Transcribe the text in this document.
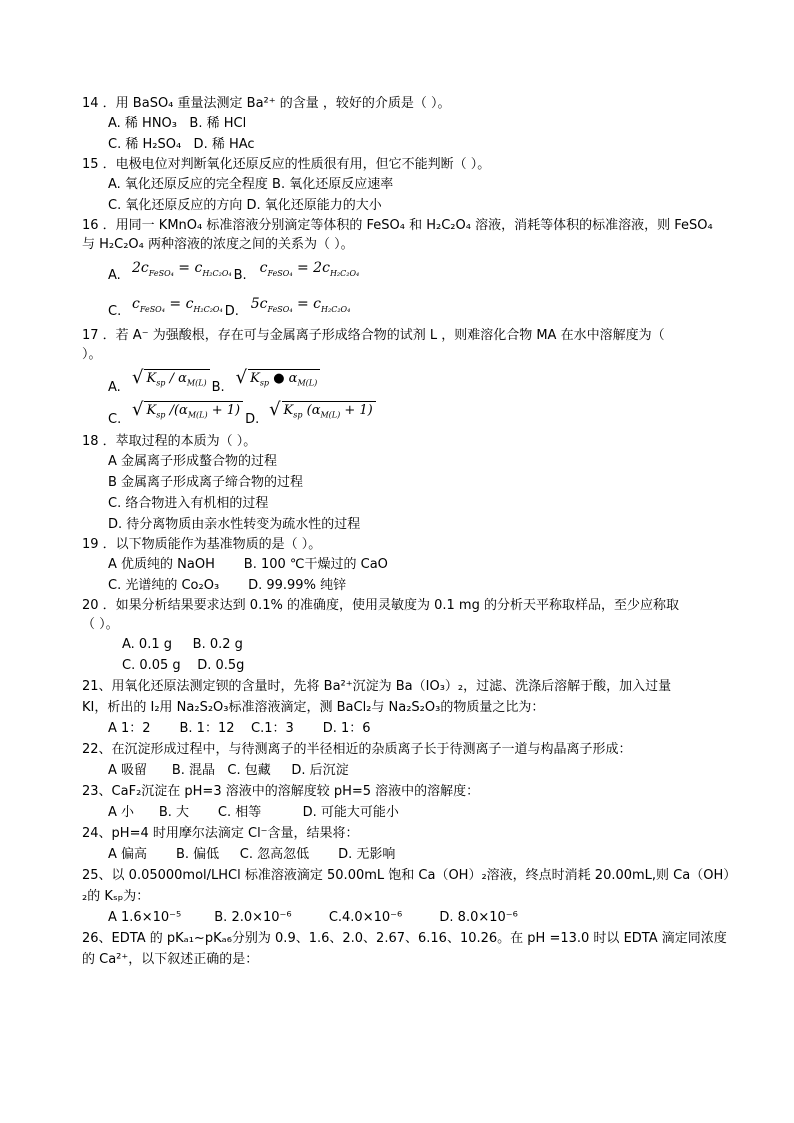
14 ．用 BaSO₄ 重量法测定 Ba²⁺ 的含量 ，较好的介质是（ ）。

A. 稀 HNO₃   B. 稀 HCl
C. 稀 H₂SO₄   D. 稀 HAc

15 ．电极电位对判断氧化还原反应的性质很有用，但它不能判断（ ）。

A. 氧化还原反应的完全程度 B. 氧化还原反应速率
C. 氧化还原反应的方向 D. 氧化还原能力的大小

16 ．用同一 KMnO₄ 标准溶液分别滴定等体积的 FeSO₄ 和 H₂C₂O₄ 溶液，消耗等体积的标准溶液，则 FeSO₄

与 H₂C₂O₄ 两种溶液的浓度之间的关系为（ ）。

A. $2c_{FeSO_4} = c_{H_2C_2O_4}$ B. $c_{FeSO_4} = 2c_{H_2C_2O_4}$
C. $c_{FeSO_4} = c_{H_2C_2O_4}$ D. $5c_{FeSO_4} = c_{H_2C_2O_4}$

17 ．若 A⁻ 为强酸根，存在可与金属离子形成络合物的试剂 L ，则难溶化合物 MA 在水中溶解度为（

）。

A. √ $K_{sp} / \alpha_{M(L)}$ B. √ $K_{sp}$ ● $\alpha_{M(L)}$
C. √ $K_{sp}$ $/(\alpha_{M(L)} + 1)$
D. √ $K_{sp}$ $(\alpha_{M(L)} + 1)$

18 ．萃取过程的本质为（ ）。

A 金属离子形成螯合物的过程
B 金属离子形成离子缔合物的过程
C. 络合物进入有机相的过程
D. 待分离物质由亲水性转变为疏水性的过程

19 ．以下物质能作为基准物质的是（ ）。

A 优质纯的 NaOH       B. 100 ℃干燥过的 CaO
C. 光谱纯的 Co₂O₃       D. 99.99% 纯锌

20 ．如果分析结果要求达到 0.1% 的准确度，使用灵敏度为 0.1 mg 的分析天平称取样品，至少应称取

（ ）。

A. 0.1 g     B. 0.2 g
C. 0.05 g    D. 0.5g

21、用氧化还原法测定钡的含量时，先将 Ba²⁺沉淀为 Ba（IO₃）₂，过滤、洗涤后溶解于酸，加入过量

KI，析出的 I₂用 Na₂S₂O₃标准溶液滴定，测 BaCl₂与 Na₂S₂O₃的物质量之比为：

A 1：2       B. 1：12    C.1：3       D. 1：6

22、在沉淀形成过程中，与待测离子的半径相近的杂质离子长于待测离子一道与构晶离子形成：

A 吸留      B. 混晶   C. 包藏     D. 后沉淀

23、CaF₂沉淀在 pH=3 溶液中的溶解度较 pH=5 溶液中的溶解度：

A 小      B. 大       C. 相等          D. 可能大可能小

24、pH=4 时用摩尔法滴定 Cl⁻含量，结果将：

A 偏高       B. 偏低     C. 忽高忽低       D. 无影响

25、以 0.05000mol/LHCl 标准溶液滴定 50.00mL 饱和 Ca（OH）₂溶液，终点时消耗 20.00mL,则 Ca（OH）

₂的 Kₛₚ为：

A 1.6×10⁻⁵        B. 2.0×10⁻⁶         C.4.0×10⁻⁶         D. 8.0×10⁻⁶

26、EDTA 的 pKₐ₁~pKₐ₆分别为 0.9、1.6、2.0、2.67、6.16、10.26。在 pH =13.0 时以 EDTA 滴定同浓度

的 Ca²⁺，以下叙述正确的是：
